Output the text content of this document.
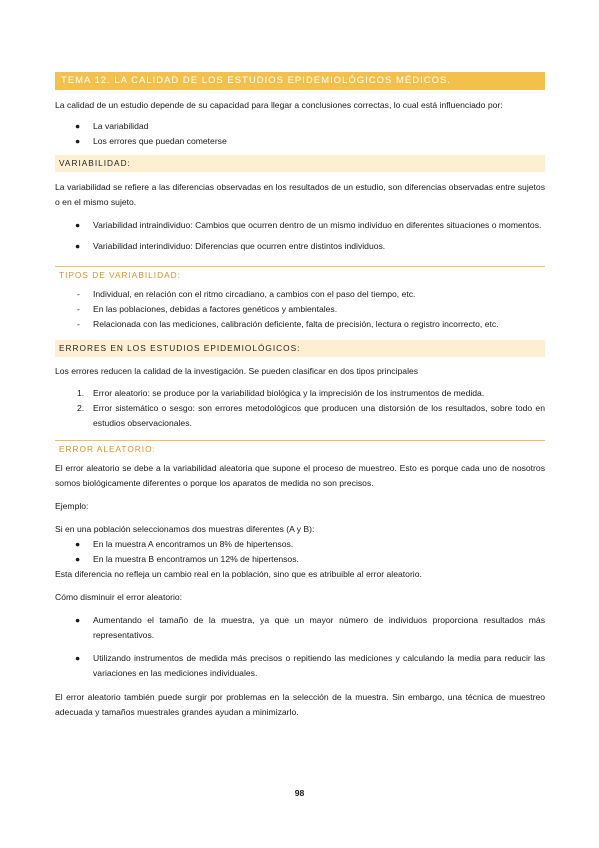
TEMA 12. LA CALIDAD DE LOS ESTUDIOS EPIDEMIOLÓGICOS MÉDICOS.

La calidad de un estudio depende de su capacidad para llegar a conclusiones correctas, lo cual está influenciado por:

● La variabilidad
● Los errores que puedan cometerse
VARIABILIDAD:

La variabilidad se refiere a las diferencias observadas en los resultados de un estudio, son diferencias observadas entre sujetos o en el mismo sujeto.

● Variabilidad intraindividuo: Cambios que ocurren dentro de un mismo individuo en diferentes situaciones o momentos.
● Variabilidad interindividuo: Diferencias que ocurren entre distintos individuos.
TIPOS DE VARIABILIDAD:
- Individual, en relación con el ritmo circadiano, a cambios con el paso del tiempo, etc.
- En las poblaciones, debidas a factores genéticos y ambientales.
- Relacionada con las mediciones, calibración deficiente, falta de precisión, lectura o registro incorrecto, etc.
ERRORES EN LOS ESTUDIOS EPIDEMIOLÓGICOS:

Los errores reducen la calidad de la investigación. Se pueden clasificar en dos tipos principales

1. Error aleatorio: se produce por la variabilidad biológica y la imprecisión de los instrumentos de medida.
2. Error sistemático o sesgo: son errores metodológicos que producen una distorsión de los resultados, sobre todo en estudios observacionales.
ERROR ALEATORIO:

El error aleatorio se debe a la variabilidad aleatoria que supone el proceso de muestreo. Esto es porque cada uno de nosotros somos biológicamente diferentes o porque los aparatos de medida no son precisos.

Ejemplo:

Si en una población seleccionamos dos muestras diferentes (A y B):

● En la muestra A encontramos un 8% de hipertensos.
● En la muestra B encontramos un 12% de hipertensos.

Esta diferencia no refleja un cambio real en la población, sino que es atribuible al error aleatorio.

Cómo disminuir el error aleatorio:

● Aumentando el tamaño de la muestra, ya que un mayor número de individuos proporciona resultados más representativos.
● Utilizando instrumentos de medida más precisos o repitiendo las mediciones y calculando la media para reducir las variaciones en las mediciones individuales.

El error aleatorio también puede surgir por problemas en la selección de la muestra. Sin embargo, una técnica de muestreo adecuada y tamaños muestrales grandes ayudan a minimizarlo.

98
